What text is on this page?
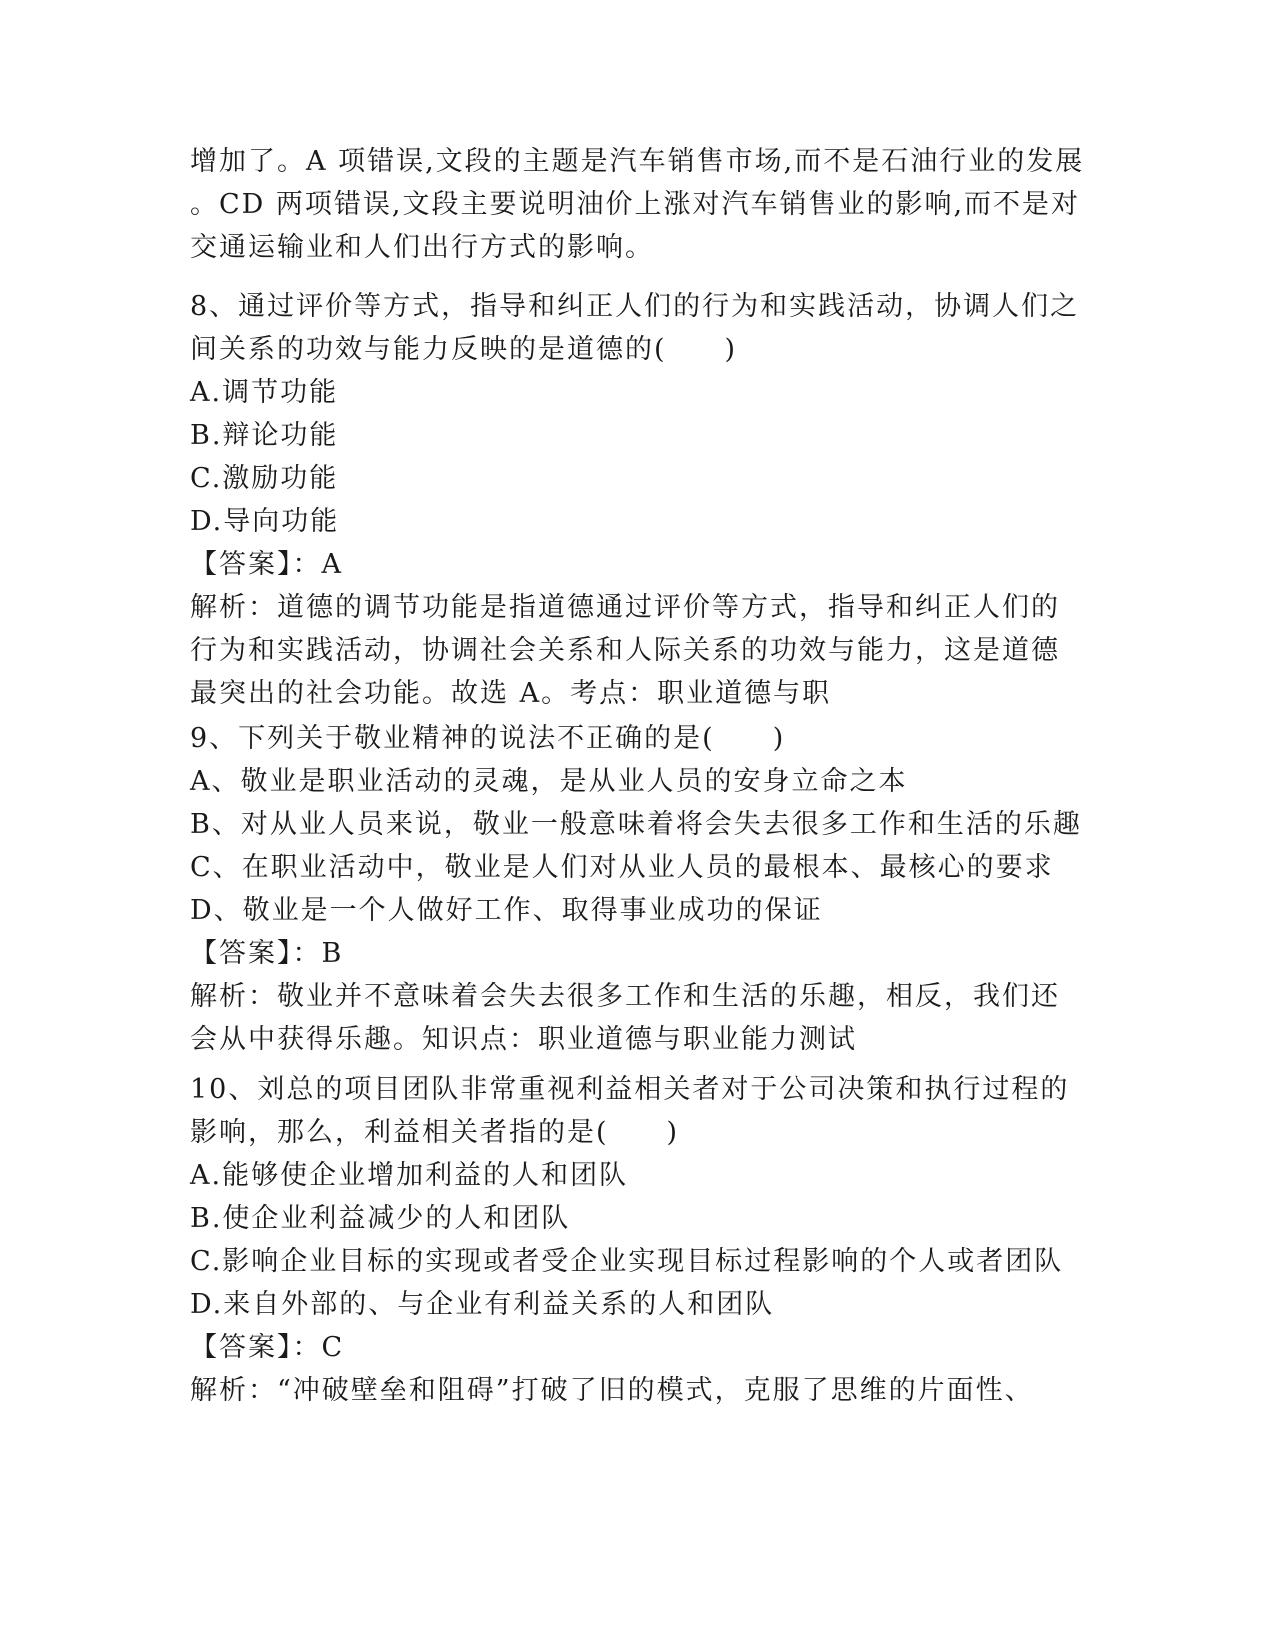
增加了。A 项错误,文段的主题是汽车销售市场,而不是石油行业的发展
。CD 两项错误,文段主要说明油价上涨对汽车销售业的影响,而不是对
交通运输业和人们出行方式的影响。
8、通过评价等方式，指导和纠正人们的行为和实践活动，协调人们之
间关系的功效与能力反映的是道德的(　　)
A.调节功能
B.辩论功能
C.激励功能
D.导向功能
【答案】：A
解析：道德的调节功能是指道德通过评价等方式，指导和纠正人们的
行为和实践活动，协调社会关系和人际关系的功效与能力，这是道德
最突出的社会功能。故选 A。考点：职业道德与职
9、下列关于敬业精神的说法不正确的是(　　)
A、敬业是职业活动的灵魂，是从业人员的安身立命之本
B、对从业人员来说，敬业一般意味着将会失去很多工作和生活的乐趣
C、在职业活动中，敬业是人们对从业人员的最根本、最核心的要求
D、敬业是一个人做好工作、取得事业成功的保证
【答案】：B
解析：敬业并不意味着会失去很多工作和生活的乐趣，相反，我们还
会从中获得乐趣。知识点：职业道德与职业能力测试
10、刘总的项目团队非常重视利益相关者对于公司决策和执行过程的
影响，那么，利益相关者指的是(　　)
A.能够使企业增加利益的人和团队
B.使企业利益减少的人和团队
C.影响企业目标的实现或者受企业实现目标过程影响的个人或者团队
D.来自外部的、与企业有利益关系的人和团队
【答案】：C
解析：“冲破壁垒和阻碍”打破了旧的模式，克服了思维的片面性、
